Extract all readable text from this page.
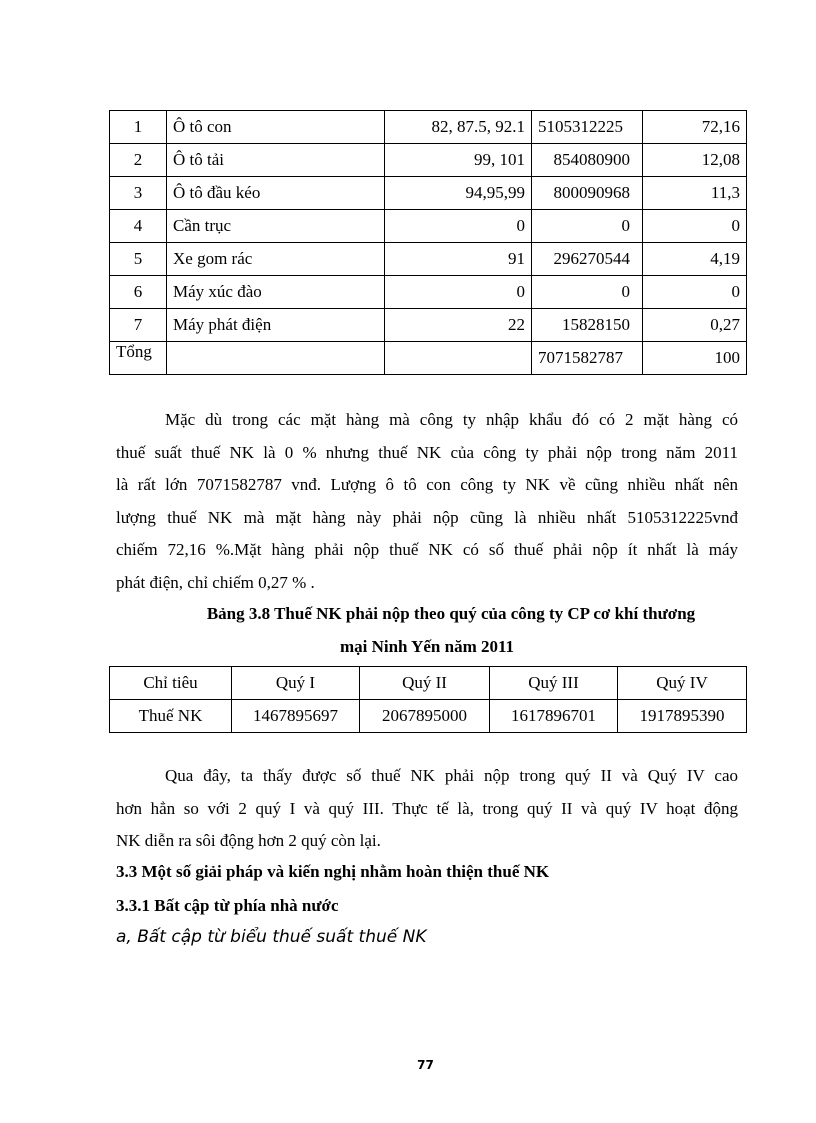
1	Ô tô con	82, 87.5, 92.1	5105312225	72,16
2	Ô tô tải	99, 101	854080900	12,08
3	Ô tô đầu kéo	94,95,99	800090968	11,3
4	Cần trục	0	0	0
5	Xe gom rác	91	296270544	4,19
6	Máy xúc đào	0	0	0
7	Máy phát điện	22	15828150	0,27
Tổng			7071582787	100
Mặc dù trong các mặt hàng mà công ty nhập khẩu đó có 2 mặt hàng có
thuế suất thuế NK là 0 % nhưng thuế NK của công ty phải nộp trong năm 2011
là rất lớn 7071582787 vnđ. Lượng ô tô con công ty NK về cũng nhiều nhất nên
lượng thuế NK mà mặt hàng này phải nộp cũng là nhiều nhất 5105312225vnđ
chiếm 72,16 %.Mặt hàng phải nộp thuế NK có số thuế phải nộp ít nhất là máy
phát điện, chỉ chiếm 0,27 % .
Bảng 3.8 Thuế NK phải nộp theo quý của công ty CP cơ khí thương
mại Ninh Yến năm 2011
Chỉ tiêu	Quý I	Quý II	Quý III	Quý IV
Thuế NK	1467895697	2067895000	1617896701	1917895390
Qua đây, ta thấy được số thuế NK phải nộp trong quý II và Quý IV cao
hơn hẳn so với 2 quý I và quý III. Thực tế là, trong quý II và quý IV hoạt động
NK diễn ra sôi động hơn 2 quý còn lại.
3.3 Một số giải pháp và kiến nghị nhằm hoàn thiện thuế NK
3.3.1 Bất cập từ phía nhà nước
a, Bất cập từ biểu thuế suất thuế NK
77
